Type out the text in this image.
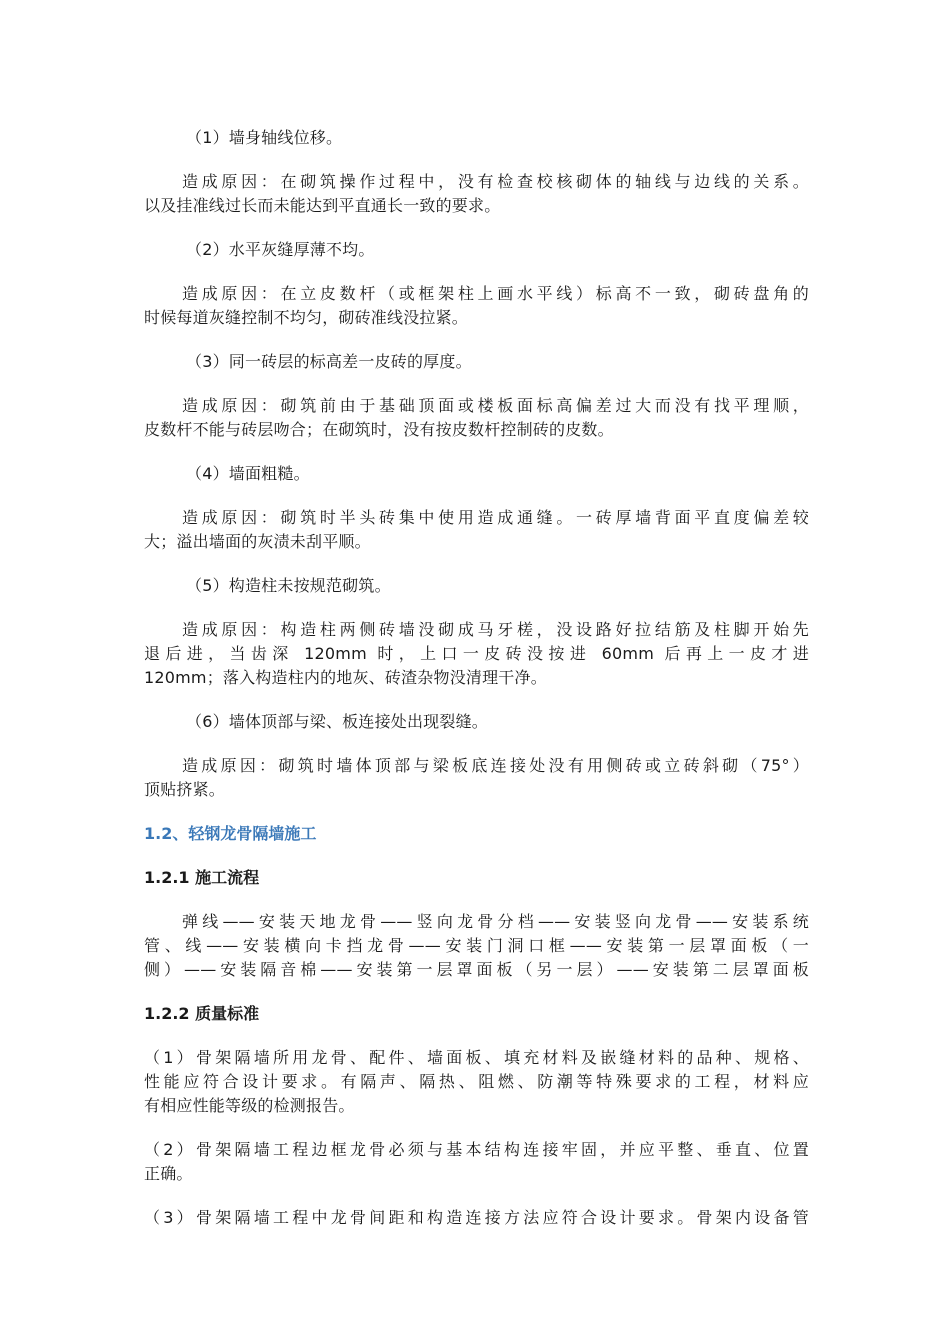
（1）墙身轴线位移。
造成原因：在砌筑操作过程中，没有检查校核砌体的轴线与边线的关系。
以及挂准线过长而未能达到平直通长一致的要求。
（2）水平灰缝厚薄不均。
造成原因：在立皮数杆（或框架柱上画水平线）标高不一致，砌砖盘角的
时候每道灰缝控制不均匀，砌砖准线没拉紧。
（3）同一砖层的标高差一皮砖的厚度。
造成原因：砌筑前由于基础顶面或楼板面标高偏差过大而没有找平理顺，
皮数杆不能与砖层吻合；在砌筑时，没有按皮数杆控制砖的皮数。
（4）墙面粗糙。
造成原因：砌筑时半头砖集中使用造成通缝。一砖厚墙背面平直度偏差较
大；溢出墙面的灰渍未刮平顺。
（5）构造柱未按规范砌筑。
造成原因：构造柱两侧砖墙没砌成马牙槎，没设路好拉结筋及柱脚开始先
退后进，当齿深 120mm 时，上口一皮砖没按进 60mm 后再上一皮才进
120mm；落入构造柱内的地灰、砖渣杂物没清理干净。
（6）墙体顶部与梁、板连接处出现裂缝。
造成原因：砌筑时墙体顶部与梁板底连接处没有用侧砖或立砖斜砌（75°）
顶贴挤紧。
1.2、轻钢龙骨隔墙施工
1.2.1 施工流程
弹线——安装天地龙骨——竖向龙骨分档——安装竖向龙骨——安装系统
管、线——安装横向卡挡龙骨——安装门洞口框——安装第一层罩面板（一
侧）——安装隔音棉——安装第一层罩面板（另一层）——安装第二层罩面板
1.2.2 质量标准
（1）骨架隔墙所用龙骨、配件、墙面板、填充材料及嵌缝材料的品种、规格、
性能应符合设计要求。有隔声、隔热、阻燃、防潮等特殊要求的工程，材料应
有相应性能等级的检测报告。
（2）骨架隔墙工程边框龙骨必须与基本结构连接牢固，并应平整、垂直、位置
正确。
（3）骨架隔墙工程中龙骨间距和构造连接方法应符合设计要求。骨架内设备管
